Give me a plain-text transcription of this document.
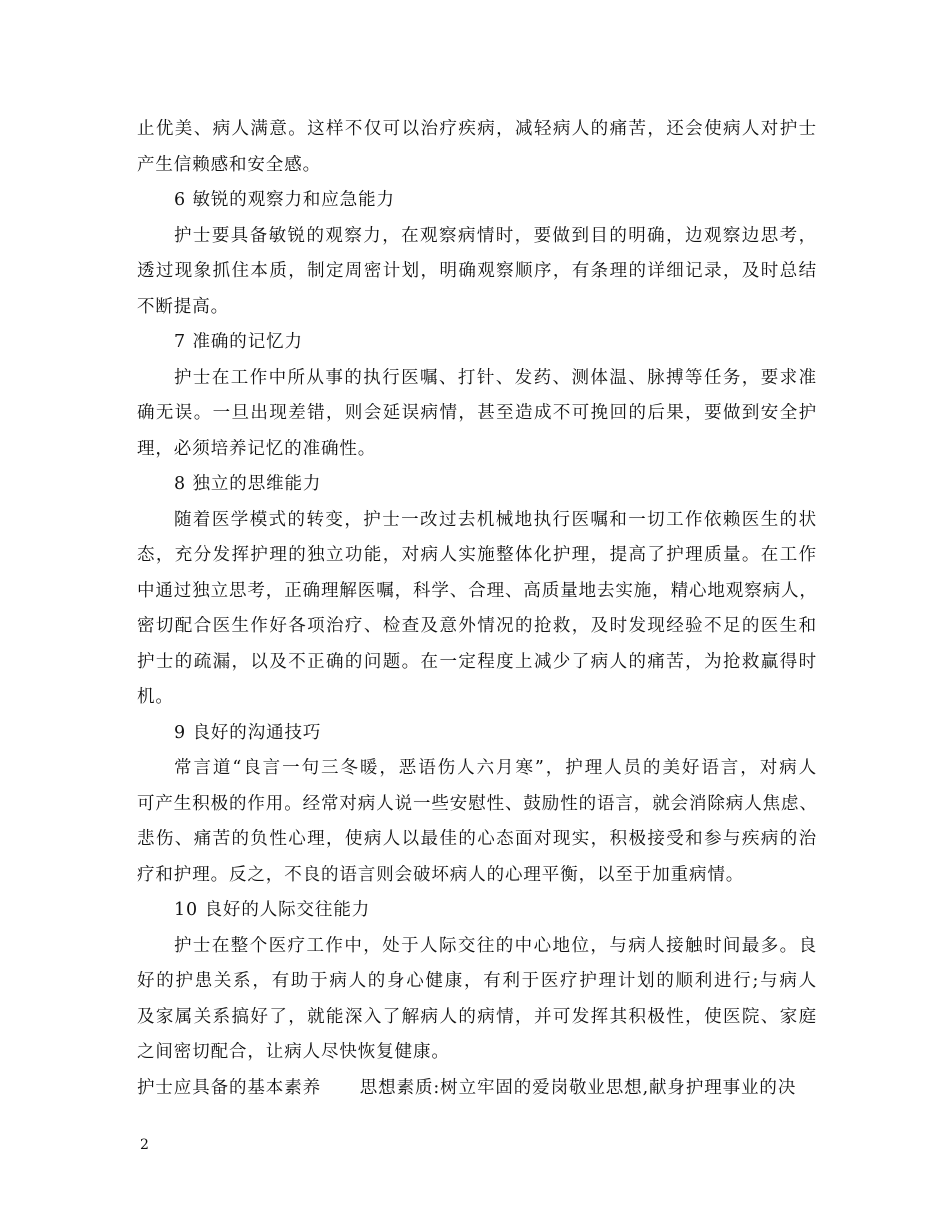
止优美、病人满意。这样不仅可以治疗疾病，减轻病人的痛苦，还会使病人对护士
产生信赖感和安全感。
6 敏锐的观察力和应急能力
护士要具备敏锐的观察力，在观察病情时，要做到目的明确，边观察边思考，
透过现象抓住本质，制定周密计划，明确观察顺序，有条理的详细记录，及时总结
不断提高。
7 准确的记忆力
护士在工作中所从事的执行医嘱、打针、发药、测体温、脉搏等任务，要求准
确无误。一旦出现差错，则会延误病情，甚至造成不可挽回的后果，要做到安全护
理，必须培养记忆的准确性。
8 独立的思维能力
随着医学模式的转变，护士一改过去机械地执行医嘱和一切工作依赖医生的状
态，充分发挥护理的独立功能，对病人实施整体化护理，提高了护理质量。在工作
中通过独立思考，正确理解医嘱，科学、合理、高质量地去实施，精心地观察病人，
密切配合医生作好各项治疗、检查及意外情况的抢救，及时发现经验不足的医生和
护士的疏漏，以及不正确的问题。在一定程度上减少了病人的痛苦，为抢救赢得时
机。
9 良好的沟通技巧
常言道“良言一句三冬暖，恶语伤人六月寒”，护理人员的美好语言，对病人
可产生积极的作用。经常对病人说一些安慰性、鼓励性的语言，就会消除病人焦虑、
悲伤、痛苦的负性心理，使病人以最佳的心态面对现实，积极接受和参与疾病的治
疗和护理。反之，不良的语言则会破坏病人的心理平衡，以至于加重病情。
10 良好的人际交往能力
护士在整个医疗工作中，处于人际交往的中心地位，与病人接触时间最多。良
好的护患关系，有助于病人的身心健康，有利于医疗护理计划的顺利进行;与病人
及家属关系搞好了，就能深入了解病人的病情，并可发挥其积极性，使医院、家庭
之间密切配合，让病人尽快恢复健康。
护士应具备的基本素养      思想素质:树立牢固的爱岗敬业思想,献身护理事业的决
2
